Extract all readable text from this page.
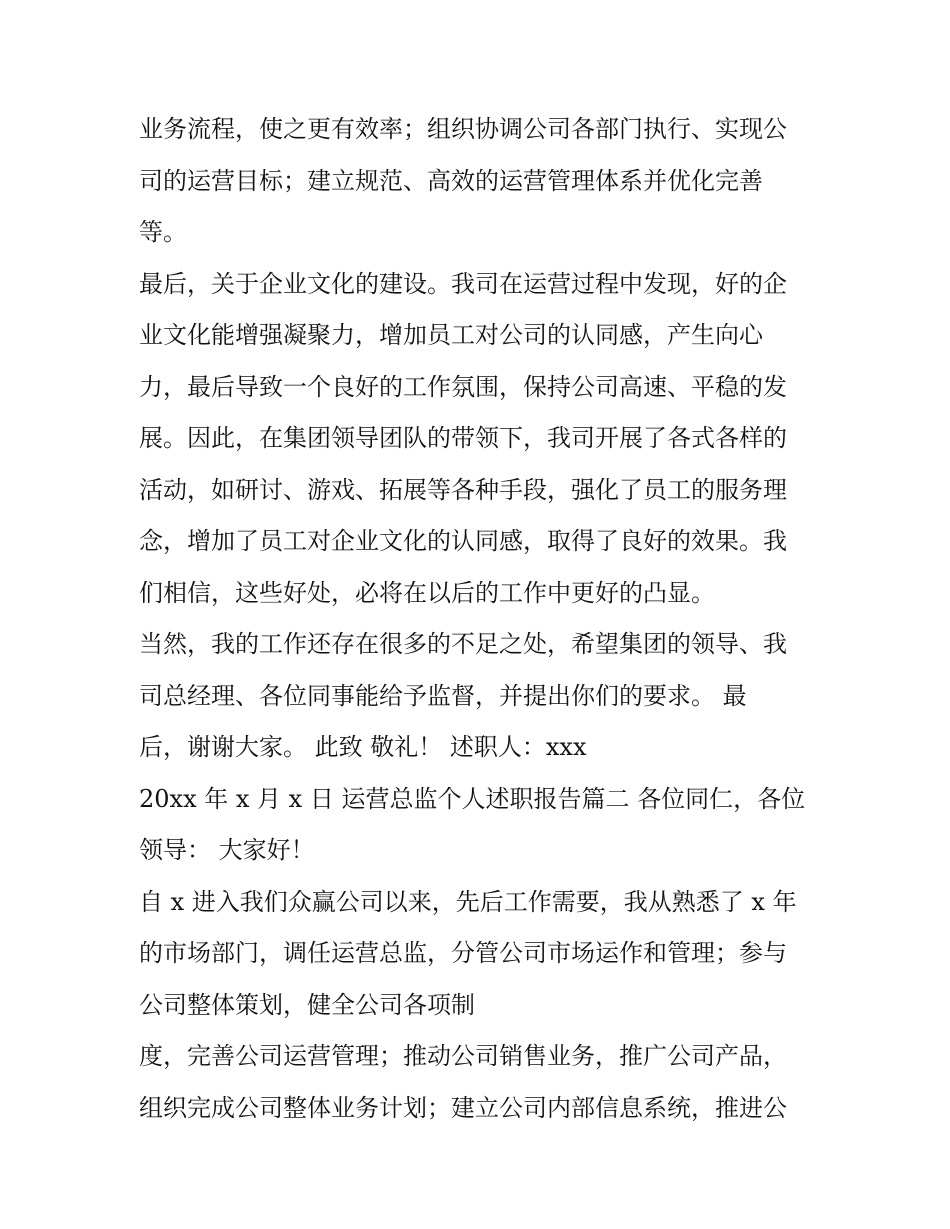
业务流程，使之更有效率；组织协调公司各部门执行、实现公
司的运营目标；建立规范、高效的运营管理体系并优化完善
等。
最后，关于企业文化的建设。我司在运营过程中发现，好的企
业文化能增强凝聚力，增加员工对公司的认同感，产生向心
力，最后导致一个良好的工作氛围，保持公司高速、平稳的发
展。因此，在集团领导团队的带领下，我司开展了各式各样的
活动，如研讨、游戏、拓展等各种手段，强化了员工的服务理
念，增加了员工对企业文化的认同感，取得了良好的效果。我
们相信，这些好处，必将在以后的工作中更好的凸显。
当然，我的工作还存在很多的不足之处，希望集团的领导、我
司总经理、各位同事能给予监督，并提出你们的要求。 最
后，谢谢大家。 此致 敬礼！ 述职人：xxx
20xx 年 x 月 x 日 运营总监个人述职报告篇二 各位同仁，各位
领导： 大家好！
自 x 进入我们众赢公司以来，先后工作需要，我从熟悉了 x 年
的市场部门，调任运营总监，分管公司市场运作和管理；参与
公司整体策划，健全公司各项制
度，完善公司运营管理；推动公司销售业务，推广公司产品，
组织完成公司整体业务计划；建立公司内部信息系统，推进公
